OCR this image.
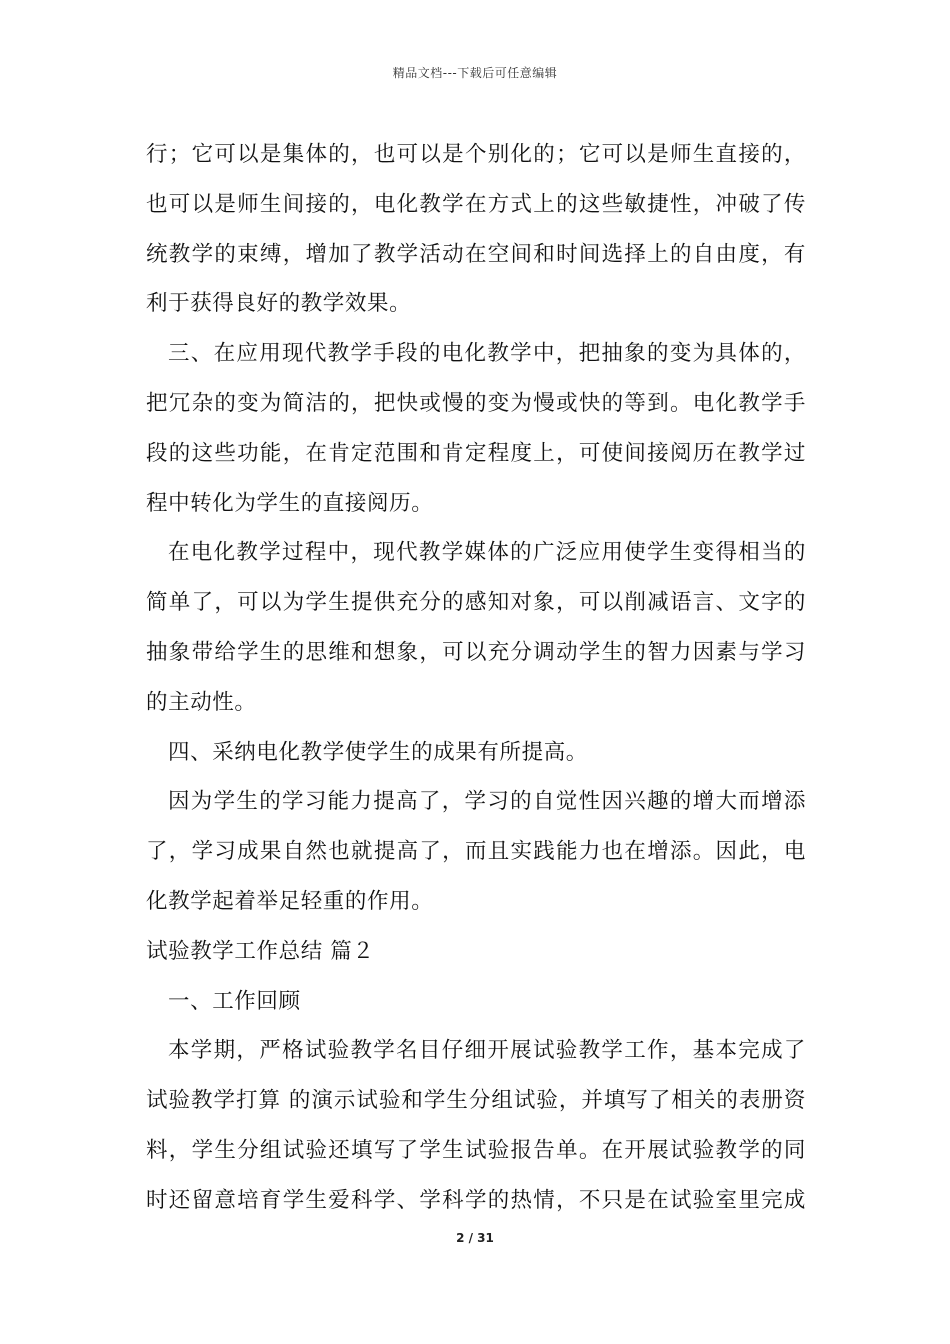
精品文档---下载后可任意编辑
行；它可以是集体的，也可以是个别化的；它可以是师生直接的，
也可以是师生间接的，电化教学在方式上的这些敏捷性，冲破了传
统教学的束缚，增加了教学活动在空间和时间选择上的自由度，有
利于获得良好的教学效果。
三、在应用现代教学手段的电化教学中，把抽象的变为具体的，
把冗杂的变为简洁的，把快或慢的变为慢或快的等到。电化教学手
段的这些功能，在肯定范围和肯定程度上，可使间接阅历在教学过
程中转化为学生的直接阅历。
在电化教学过程中，现代教学媒体的广泛应用使学生变得相当的
简单了，可以为学生提供充分的感知对象，可以削减语言、文字的
抽象带给学生的思维和想象，可以充分调动学生的智力因素与学习
的主动性。
四、采纳电化教学使学生的成果有所提高。
因为学生的学习能力提高了，学习的自觉性因兴趣的增大而增添
了，学习成果自然也就提高了，而且实践能力也在增添。因此，电
化教学起着举足轻重的作用。
试验教学工作总结 篇２
一、工作回顾
本学期，严格试验教学名目仔细开展试验教学工作，基本完成了
试验教学打算 的演示试验和学生分组试验，并填写了相关的表册资
料，学生分组试验还填写了学生试验报告单。在开展试验教学的同
时还留意培育学生爱科学、学科学的热情，不只是在试验室里完成
2 / 31
